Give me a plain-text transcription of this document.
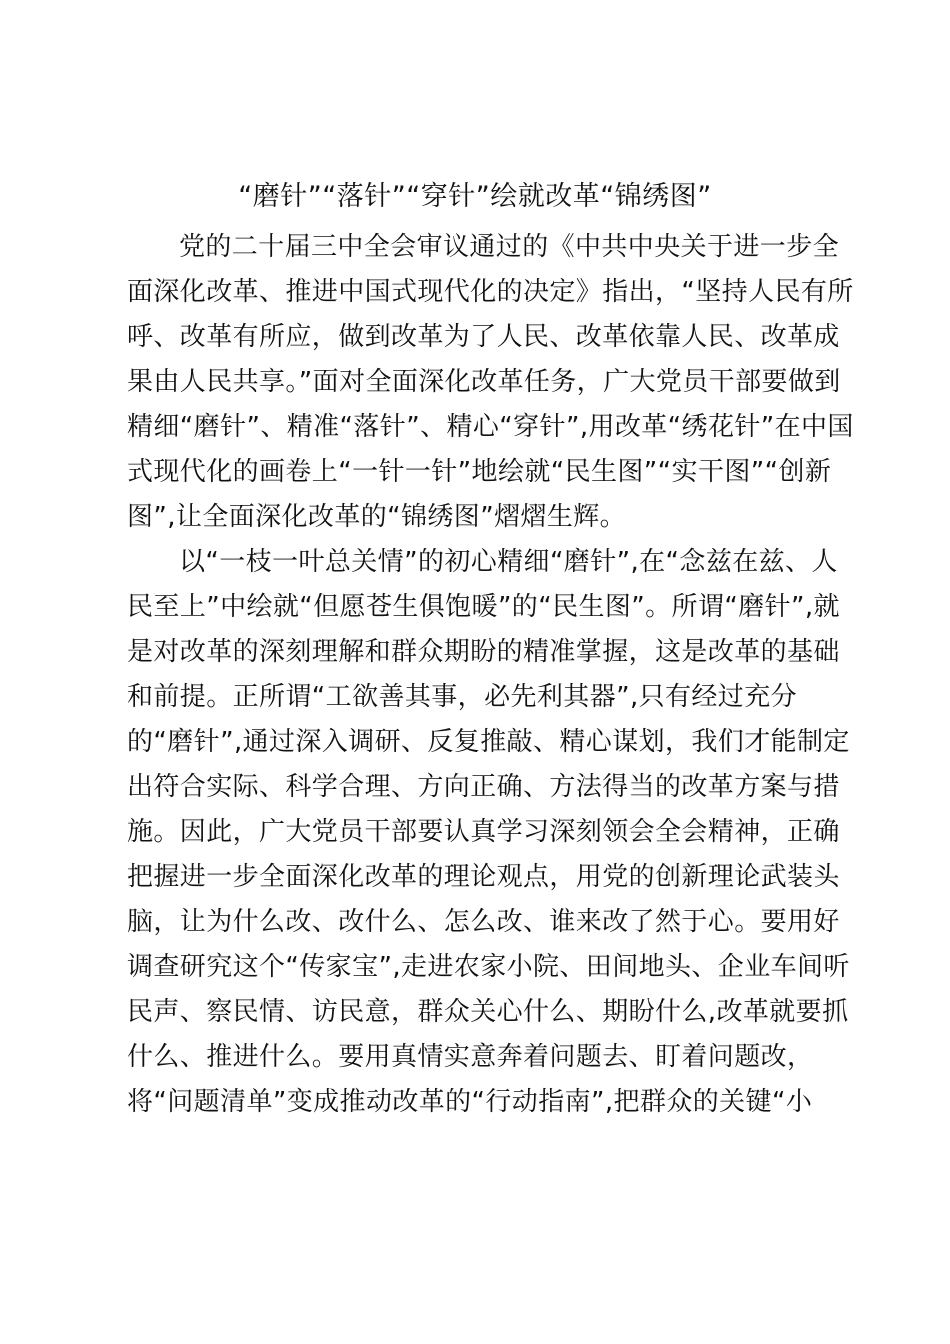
“磨针”“落针”“穿针”绘就改革“锦绣图”
党的二十届三中全会审议通过的《中共中央关于进一步全
面深化改革、推进中国式现代化的决定》指出，“坚持人民有所
呼、改革有所应，做到改革为了人民、改革依靠人民、改革成
果由人民共享。”面对全面深化改革任务，广大党员干部要做到
精细“磨针”、精准“落针”、精心“穿针”,用改革“绣花针”在中国
式现代化的画卷上“一针一针”地绘就“民生图”“实干图”“创新
图”,让全面深化改革的“锦绣图”熠熠生辉。
以“一枝一叶总关情”的初心精细“磨针”,在“念兹在兹、人
民至上”中绘就“但愿苍生俱饱暖”的“民生图”。所谓“磨针”,就
是对改革的深刻理解和群众期盼的精准掌握，这是改革的基础
和前提。正所谓“工欲善其事，必先利其器”,只有经过充分
的“磨针”,通过深入调研、反复推敲、精心谋划，我们才能制定
出符合实际、科学合理、方向正确、方法得当的改革方案与措
施。因此，广大党员干部要认真学习深刻领会全会精神，正确
把握进一步全面深化改革的理论观点，用党的创新理论武装头
脑，让为什么改、改什么、怎么改、谁来改了然于心。要用好
调查研究这个“传家宝”,走进农家小院、田间地头、企业车间听
民声、察民情、访民意，群众关心什么、期盼什么,改革就要抓
什么、推进什么。要用真情实意奔着问题去、盯着问题改，
将“问题清单”变成推动改革的“行动指南”,把群众的关键“小
